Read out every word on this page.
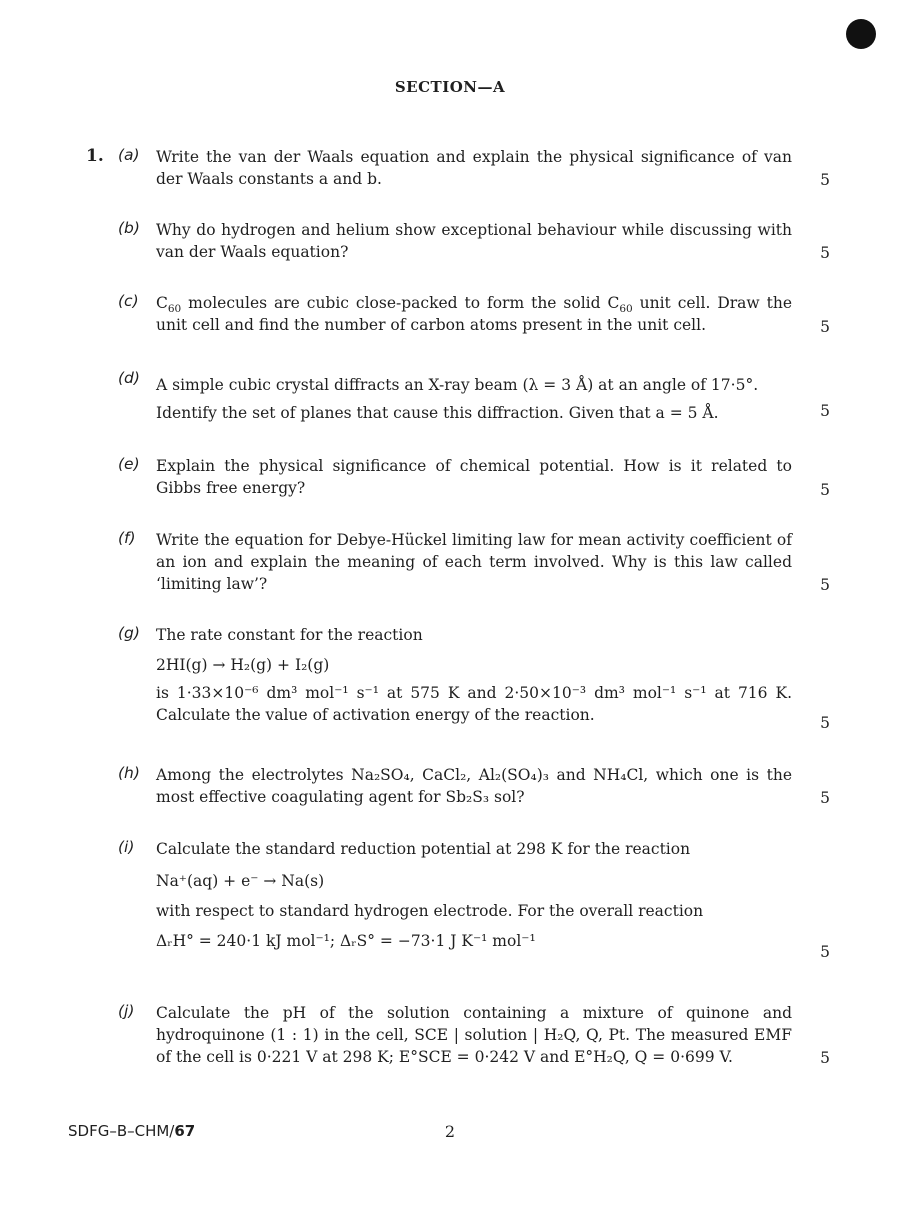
SECTION—A
1. (a) Write the van der Waals equation and explain the physical significance of van der Waals constants a and b.	5
(b) Why do hydrogen and helium show exceptional behaviour while discussing with van der Waals equation?	5
(c) $C_{60}$ molecules are cubic close-packed to form the solid $C_{60}$ unit cell. Draw the unit cell and find the number of carbon atoms present in the unit cell.	5
(d) A simple cubic crystal diffracts an X-ray beam (λ = 3 Å) at an angle of 17·5°.

Identify the set of planes that cause this diffraction. Given that a = 5 Å.	5
(e) Explain the physical significance of chemical potential. How is it related to Gibbs free energy?	5
(f) Write the equation for Debye-Hückel limiting law for mean activity coefficient of an ion and explain the meaning of each term involved. Why is this law called ‘limiting law’?	5
(g) The rate constant for the reaction

2HI(g) → H₂(g) + I₂(g)

is 1·33×10⁻⁶ dm³ mol⁻¹ s⁻¹ at 575 K and 2·50×10⁻³ dm³ mol⁻¹ s⁻¹ at 716 K. Calculate the value of activation energy of the reaction.	5
(h) Among the electrolytes Na₂SO₄, CaCl₂, Al₂(SO₄)₃ and NH₄Cl, which one is the most effective coagulating agent for Sb₂S₃ sol?	5
(i) Calculate the standard reduction potential at 298 K for the reaction

Na⁺(aq) + e⁻ → Na(s)

with respect to standard hydrogen electrode. For the overall reaction

ΔᵣH° = 240·1 kJ mol⁻¹; ΔᵣS° = −73·1 J K⁻¹ mol⁻¹

5
(j) Calculate the pH of the solution containing a mixture of quinone and hydroquinone (1 : 1) in the cell, SCE | solution | H₂Q, Q, Pt. The measured EMF of the cell is 0·221 V at 298 K; E°SCE = 0·242 V and E°H₂Q, Q = 0·699 V.	5
SDFG–B–CHM/67	2
